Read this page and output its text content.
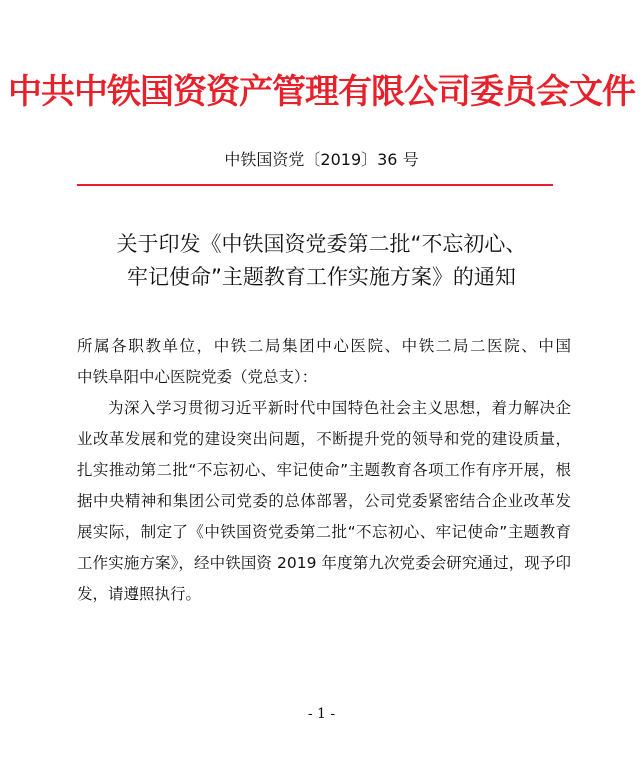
中共中铁国资资产管理有限公司委员会文件
中铁国资党〔2019〕36 号
关于印发《中铁国资党委第二批“不忘初心、
牢记使命”主题教育工作实施方案》的通知
所属各职教单位，中铁二局集团中心医院、中铁二局二医院、中国
中铁阜阳中心医院党委（党总支）：
为深入学习贯彻习近平新时代中国特色社会主义思想，着力解决企业改革发展和党的建设突出问题，不断提升党的领导和党的建设质量，扎实推动第二批“不忘初心、牢记使命”主题教育各项工作有序开展，根据中央精神和集团公司党委的总体部署，公司党委紧密结合企业改革发展实际，制定了《中铁国资党委第二批“不忘初心、牢记使命”主题教育工作实施方案》，经中铁国资 2019 年度第九次党委会研究通过，现予印发，请遵照执行。
- 1 -
